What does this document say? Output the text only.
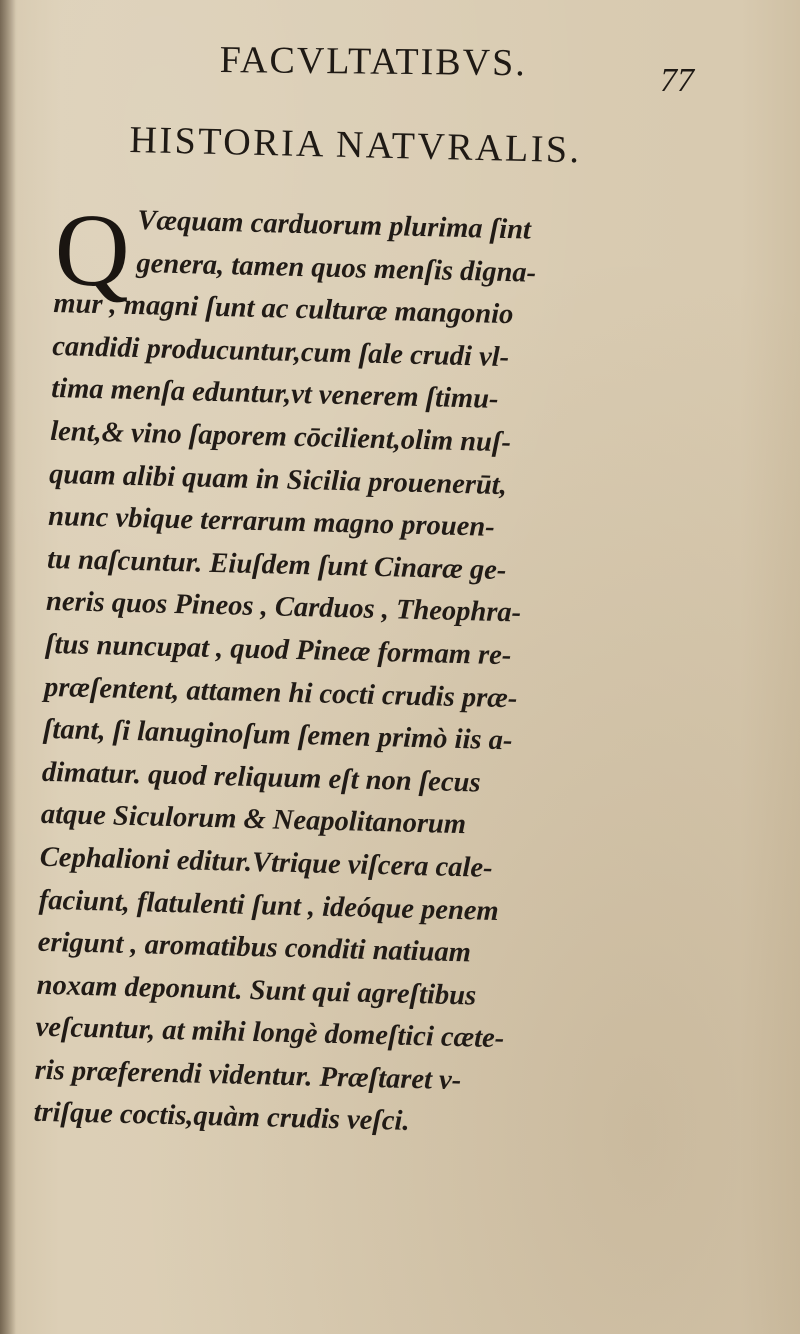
FACVLTATIBVS.	77
HISTORIA NATVRALIS.
Q Væquam carduorum plurima ſint
genera, tamen quos menſis digna-
mur , magni ſunt ac culturæ mangonio
candidi producuntur,cum ſale crudi vl-
tima menſa eduntur,vt venerem ſtimu-
lent,& vino ſaporem cōcilient,olim nuſ-
quam alibi quam in Sicilia prouenerūt,
nunc vbique terrarum magno prouen-
tu naſcuntur. Eiuſdem ſunt Cinaræ ge-
neris quos Pineos , Carduos , Theophra-
ſtus nuncupat , quod Pineæ formam re-
præſentent, attamen hi cocti crudis præ-
ſtant, ſi lanuginoſum ſemen primò iis a-
dimatur. quod reliquum eſt non ſecus
atque Siculorum & Neapolitanorum
Cephalioni editur.Vtrique viſcera cale-
faciunt, flatulenti ſunt , ideóque penem
erigunt , aromatibus conditi natiuam
noxam deponunt. Sunt qui agreſtibus
veſcuntur, at mihi longè domeſtici cæte-
ris præferendi videntur. Præſtaret v-
triſque coctis,quàm crudis veſci.
